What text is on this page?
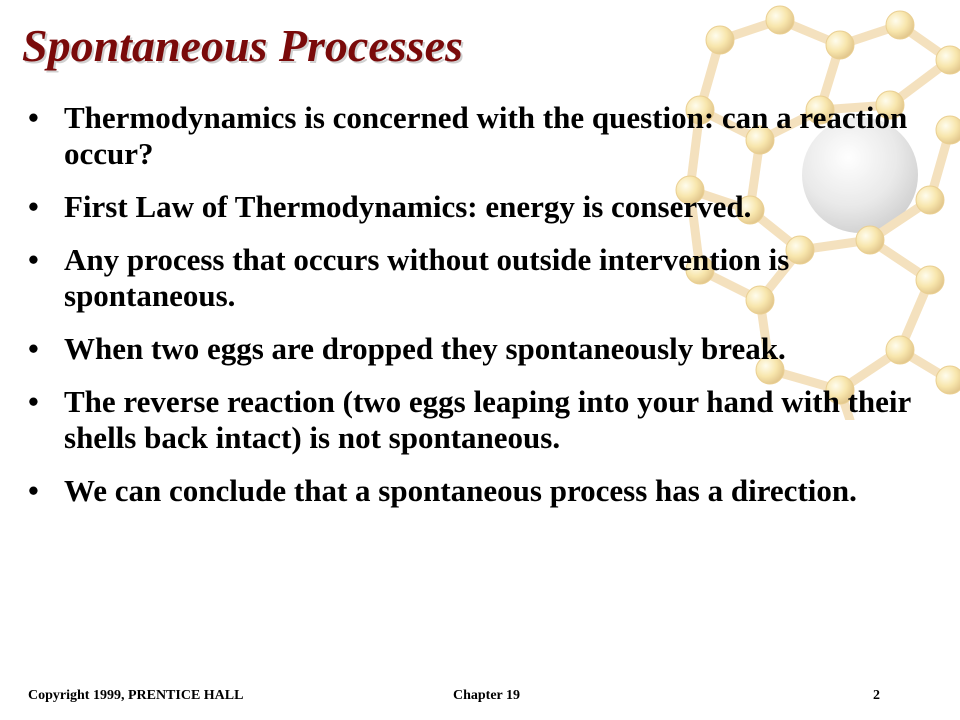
Spontaneous Processes
• Thermodynamics is concerned with the question: can a reaction occur?
• First Law of Thermodynamics: energy is conserved.
• Any process that occurs without outside intervention is spontaneous.
• When two eggs are dropped they spontaneously break.
• The reverse reaction (two eggs leaping into your hand with their shells back intact) is not spontaneous.
• We can conclude that a spontaneous process has a direction.
Copyright 1999, PRENTICE HALL	Chapter 19	2
